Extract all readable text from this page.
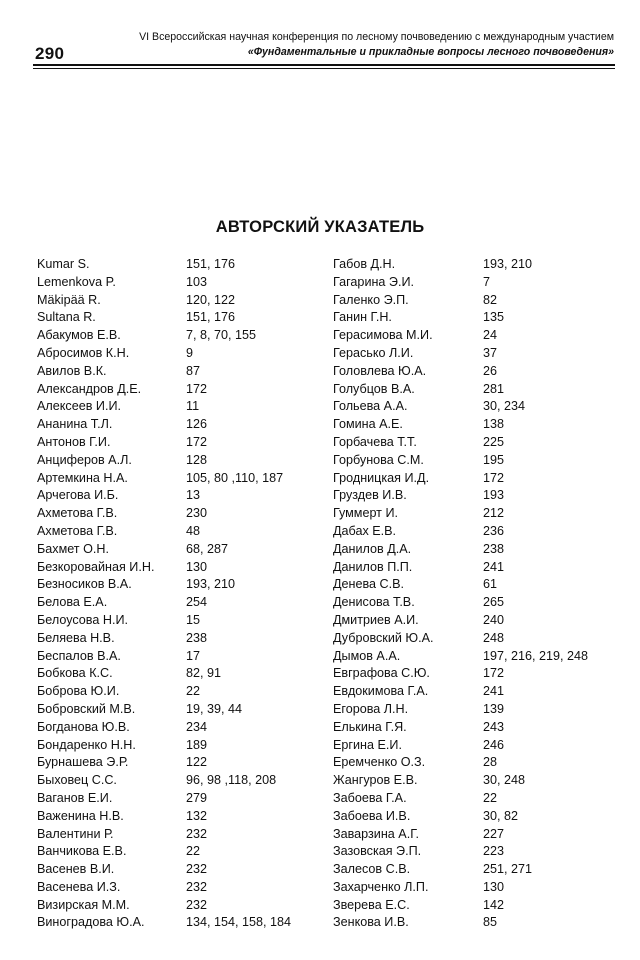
290
VI Всероссийская научная конференция по лесному почвоведению с международным участием
«Фундаментальные и прикладные вопросы лесного почвоведения»
АВТОРСКИЙ УКАЗАТЕЛЬ
Kumar S.	151, 176
Lemenkova P.	103
Mäkipää R.	120, 122
Sultana R.	151, 176
Абакумов Е.В.	7, 8, 70, 155
Абросимов К.Н.	9
Авилов В.К.	87
Александров Д.Е.	172
Алексеев И.И.	11
Ананина Т.Л.	126
Антонов Г.И.	172
Анциферов А.Л.	128
Артемкина Н.А.	105, 80 ,110, 187
Арчегова И.Б.	13
Ахметова Г.В.	230
Ахметова Г.В.	48
Бахмет О.Н.	68, 287
Безкоровайная И.Н.	130
Безносиков В.А.	193, 210
Белова Е.А.	254
Белоусова Н.И.	15
Беляева Н.В.	238
Беспалов В.А.	17
Бобкова К.С.	82, 91
Боброва Ю.И.	22
Бобровский М.В.	19, 39, 44
Богданова Ю.В.	234
Бондаренко Н.Н.	189
Бурнашева Э.Р.	122
Быховец С.С.	96, 98 ,118, 208
Ваганов Е.И.	279
Важенина Н.В.	132
Валентини Р.	232
Ванчикова Е.В.	22
Васенев В.И.	232
Васенева И.З.	232
Визирская М.М.	232
Виноградова Ю.А.	134, 154, 158, 184
Габов Д.Н.	193, 210
Гагарина Э.И.	7
Галенко Э.П.	82
Ганин Г.Н.	135
Герасимова М.И.	24
Герасько Л.И.	37
Головлева Ю.А.	26
Голубцов В.А.	281
Гольева А.А.	30, 234
Гомина А.Е.	138
Горбачева Т.Т.	225
Горбунова С.М.	195
Гродницкая И.Д.	172
Груздев И.В.	193
Гуммерт И.	212
Дабах Е.В.	236
Данилов Д.А.	238
Данилов П.П.	241
Денева С.В.	61
Денисова Т.В.	265
Дмитриев А.И.	240
Дубровский Ю.А.	248
Дымов А.А.	197, 216, 219, 248
Евграфова С.Ю.	172
Евдокимова Г.А.	241
Егорова Л.Н.	139
Елькина Г.Я.	243
Ергина Е.И.	246
Еремченко О.З.	28
Жангуров Е.В.	30, 248
Забоева Г.А.	22
Забоева И.В.	30, 82
Заварзина А.Г.	227
Зазовская Э.П.	223
Залесов С.В.	251, 271
Захарченко Л.П.	130
Зверева Е.С.	142
Зенкова И.В.	85
